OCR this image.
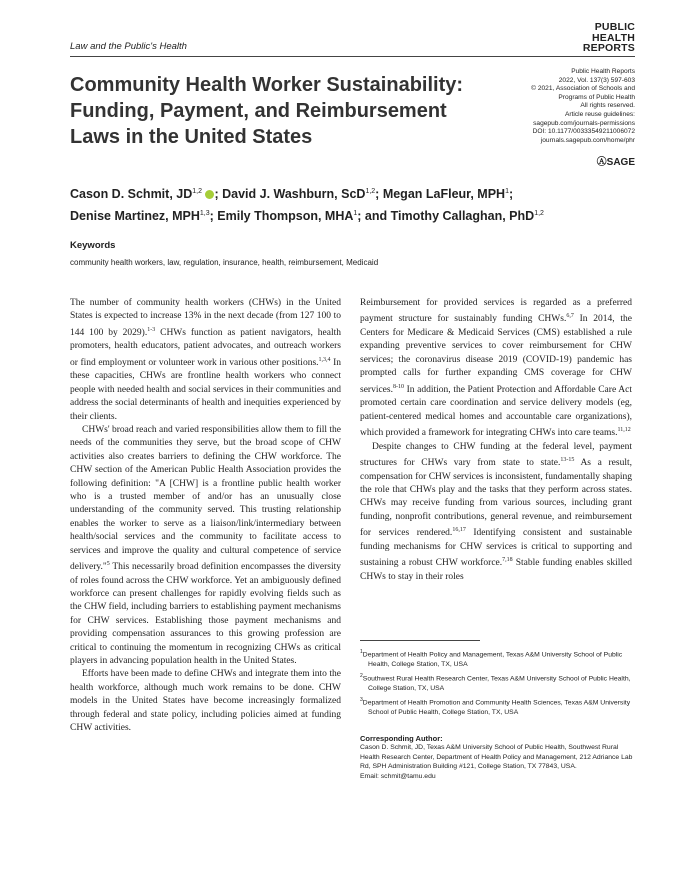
Law and the Public's Health
PUBLIC
HEALTH
REPORTS
Community Health Worker Sustainability:
Funding, Payment, and Reimbursement
Laws in the United States
Public Health Reports
2022, Vol. 137(3) 597-603
© 2021, Association of Schools and
Programs of Public Health
All rights reserved.
Article reuse guidelines:
sagepub.com/journals-permissions
DOI: 10.1177/00333549211006072
journals.sagepub.com/home/phr
ⒶSAGE
Cason D. Schmit, JD$^{1,2}$ ; David J. Washburn, ScD$^{1,2}$; Megan LaFleur, MPH$^1$;
Denise Martinez, MPH$^{1,3}$; Emily Thompson, MHA$^1$; and Timothy Callaghan, PhD$^{1,2}$
Keywords
community health workers, law, regulation, insurance, health, reimbursement, Medicaid

The number of community health workers (CHWs) in the United States is expected to increase 13% in the next decade (from 127 100 to 144 100 by 2029).$^{1-3}$ CHWs function as patient navigators, health promoters, health educators, patient advocates, and outreach workers or find employment or volunteer work in various other positions.$^{1,3,4}$ In these capacities, CHWs are frontline health workers who connect people with needed health and social services in their communities and address the social determinants of health and inequities experienced by their clients.

CHWs' broad reach and varied responsibilities allow them to fill the needs of the communities they serve, but the broad scope of CHW activities also creates barriers to defining the CHW workforce. The CHW section of the American Public Health Association provides the following definition: "A [CHW] is a frontline public health worker who is a trusted member of and/or has an unusually close understanding of the community served. This trusting relationship enables the worker to serve as a liaison/link/intermediary between health/social services and the community to facilitate access to services and improve the quality and cultural competence of service delivery."$^5$ This necessarily broad definition encompasses the diversity of roles found across the CHW workforce. Yet an ambiguously defined workforce can present challenges for rapidly evolving fields such as the CHW field, including barriers to establishing payment mechanisms for CHW services. Establishing those payment mechanisms and providing compensation assurances to this growing profession are critical to continuing the momentum in recognizing CHWs as critical players in advancing population health in the United States.

Efforts have been made to define CHWs and integrate them into the health workforce, although much work remains to be done. CHW models in the United States have become increasingly formalized through federal and state policy, including policies aimed at funding CHW activities.

Reimbursement for provided services is regarded as a preferred payment structure for sustainably funding CHWs.$^{6,7}$ In 2014, the Centers for Medicare & Medicaid Services (CMS) established a rule expanding preventive services to cover reimbursement for CHW services; the coronavirus disease 2019 (COVID-19) pandemic has prompted calls for further expanding CMS coverage for CHW services.$^{8-10}$ In addition, the Patient Protection and Affordable Care Act promoted certain care coordination and service delivery models (eg, patient-centered medical homes and accountable care organizations), which provided a framework for integrating CHWs into care teams.$^{11,12}$

Despite changes to CHW funding at the federal level, payment structures for CHWs vary from state to state.$^{13-15}$ As a result, compensation for CHW services is inconsistent, fundamentally shaping the role that CHWs play and the tasks that they perform across states. CHWs may receive funding from various sources, including grant funding, nonprofit contributions, general revenue, and reimbursement for services rendered.$^{16,17}$ Identifying consistent and sustainable funding mechanisms for CHW services is critical to supporting and sustaining a robust CHW workforce.$^{7,18}$ Stable funding enables skilled CHWs to stay in their roles

$^1$Department of Health Policy and Management, Texas A&M University School of Public Health, College Station, TX, USA
$^2$Southwest Rural Health Research Center, Texas A&M University School of Public Health, College Station, TX, USA
$^3$Department of Health Promotion and Community Health Sciences, Texas A&M University School of Public Health, College Station, TX, USA
Corresponding Author:
Cason D. Schmit, JD, Texas A&M University School of Public Health, Southwest Rural Health Research Center, Department of Health Policy and Management, 212 Adriance Lab Rd, SPH Administration Building #121, College Station, TX 77843, USA.
Email: schmit@tamu.edu
